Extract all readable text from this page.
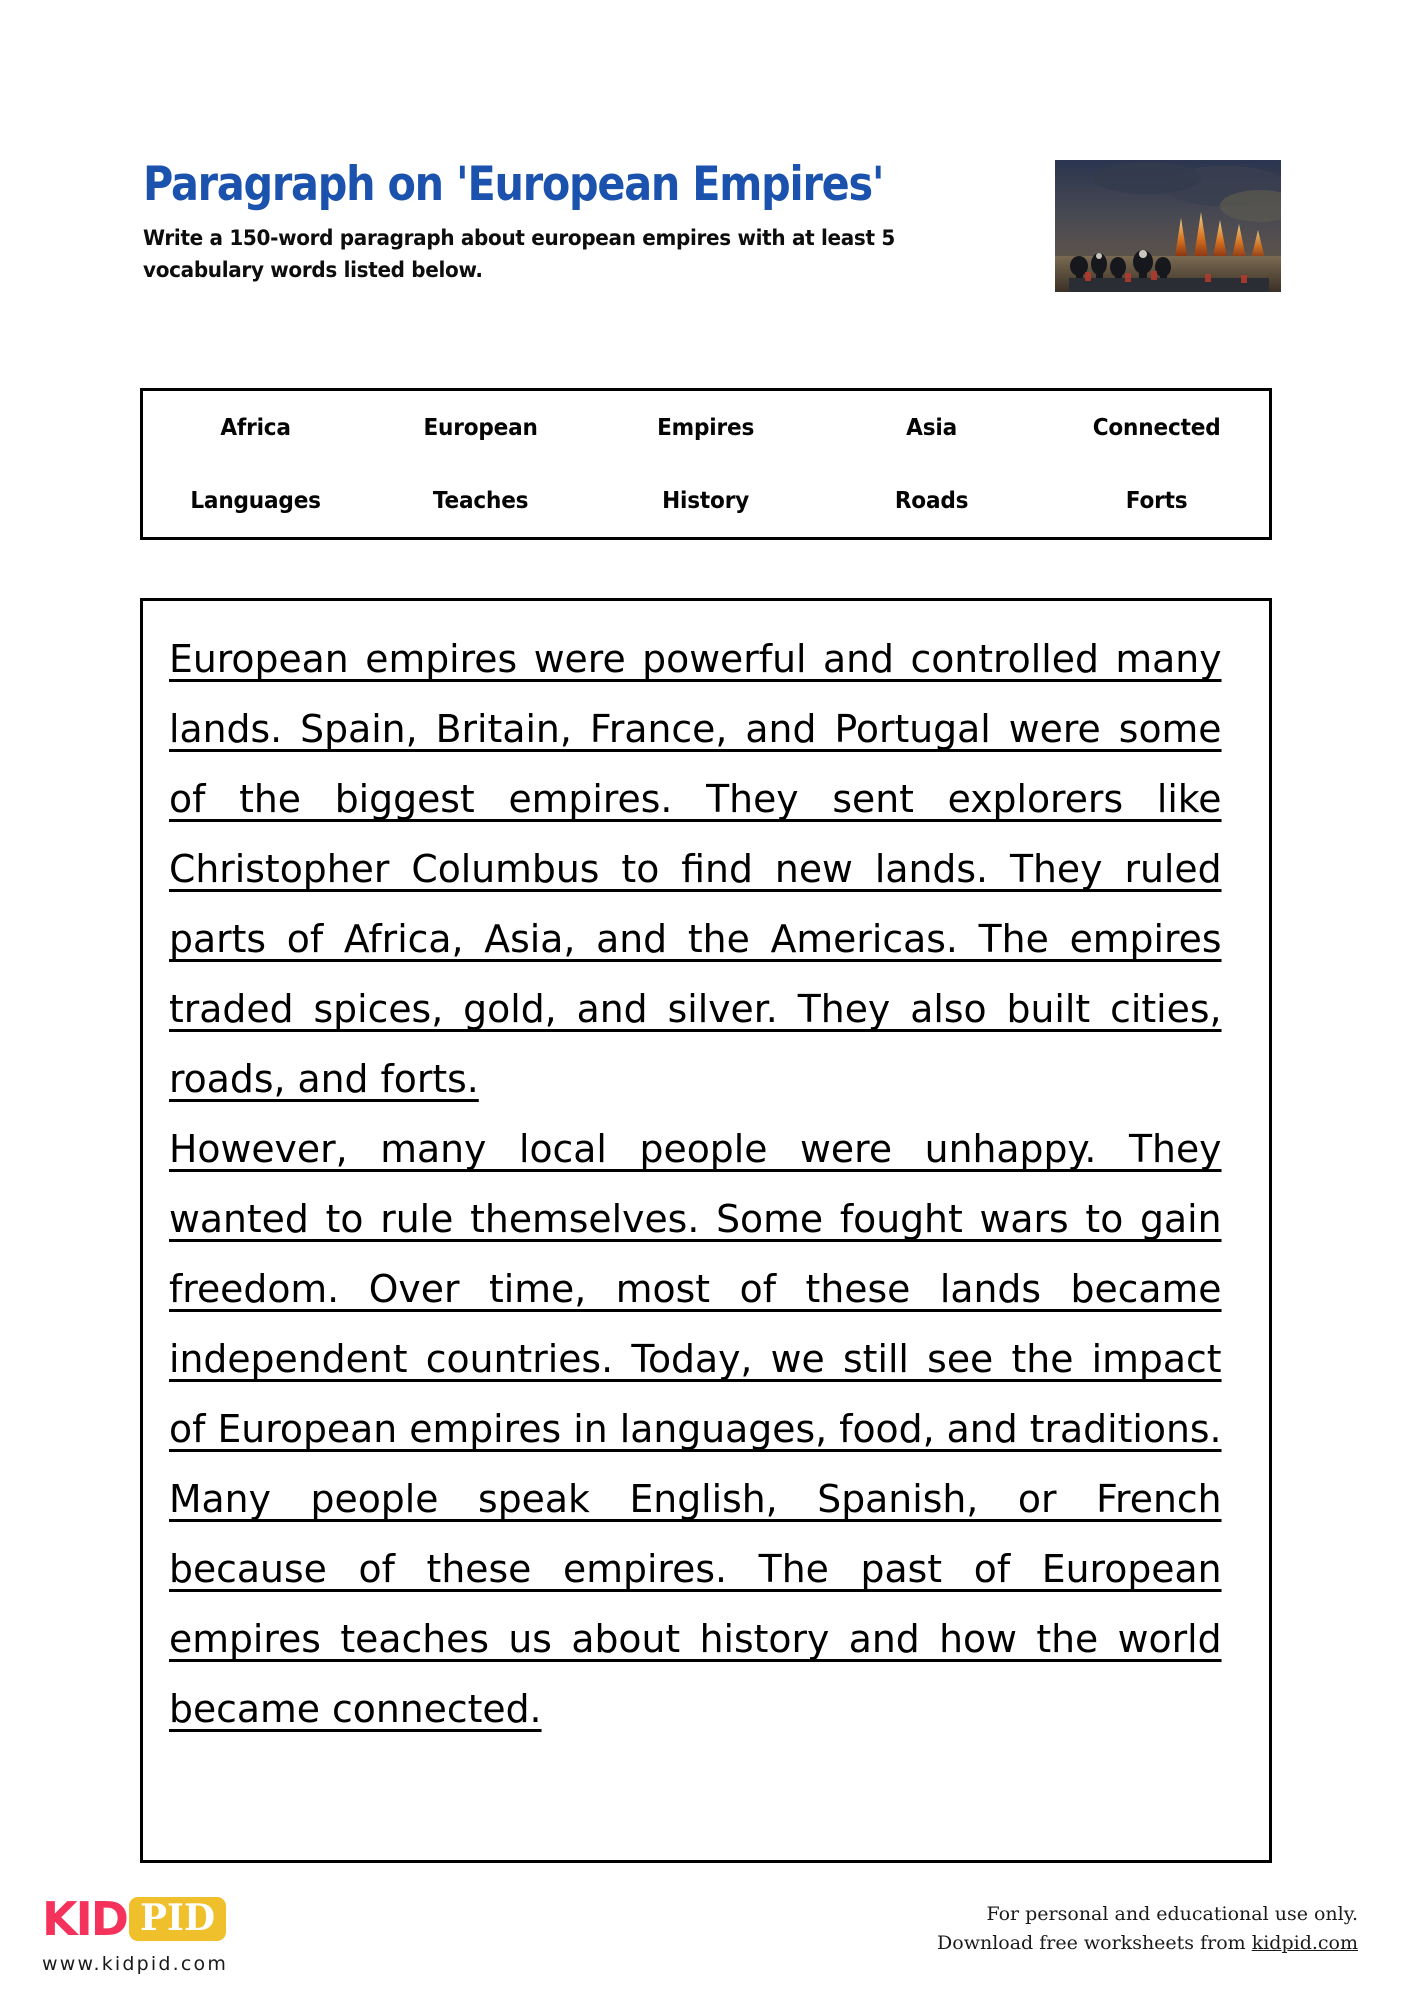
Paragraph on 'European Empires'

Write a 150-word paragraph about european empires with at least 5 vocabulary words listed below.

Africa	European	Empires	Asia	Connected
Languages	Teaches	History	Roads	Forts

European empires were powerful and controlled many lands. Spain, Britain, France, and Portugal were some of the biggest empires. They sent explorers like Christopher Columbus to find new lands. They ruled parts of Africa, Asia, and the Americas. The empires traded spices, gold, and silver. They also built cities, roads, and forts.

However, many local people were unhappy. They wanted to rule themselves. Some fought wars to gain freedom. Over time, most of these lands became independent countries. Today, we still see the impact of European empires in languages, food, and traditions. Many people speak English, Spanish, or French because of these empires. The past of European empires teaches us about history and how the world became connected.

KID PID
www.kidpid.com
For personal and educational use only.
Download free worksheets from kidpid.com
